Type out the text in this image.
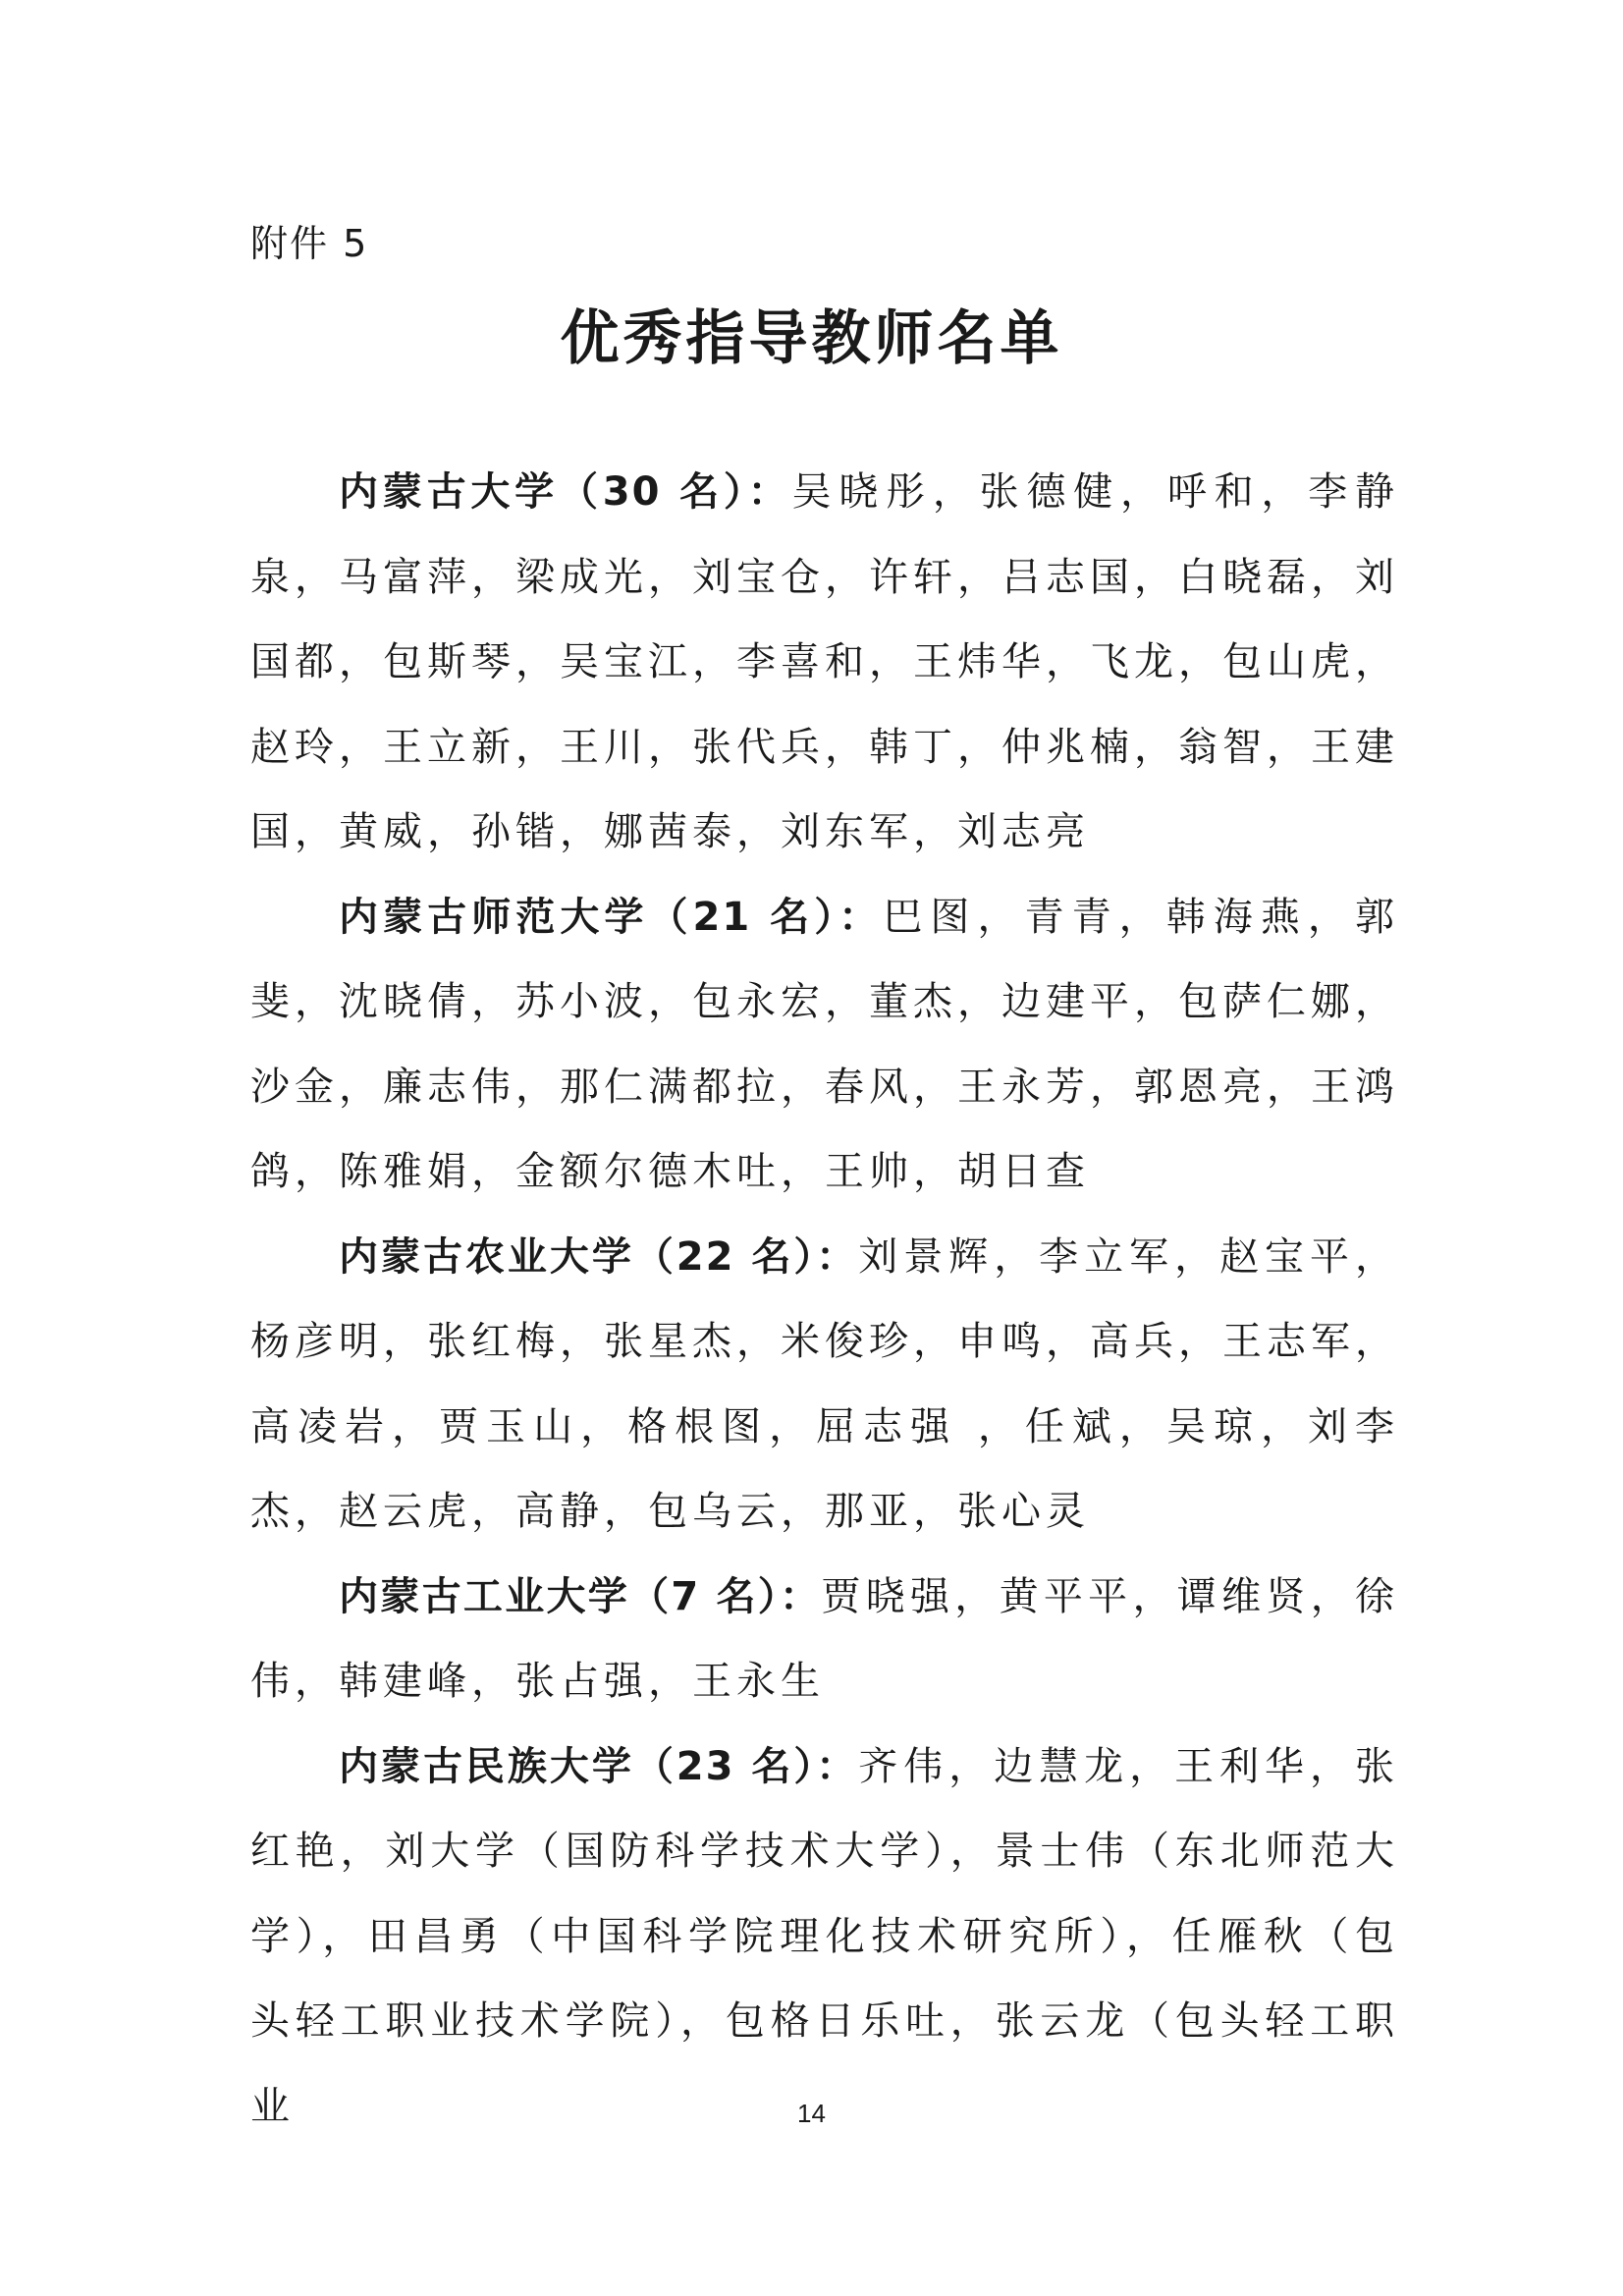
附件 5
优秀指导教师名单

内蒙古大学（30 名）：吴晓彤，张德健，呼和，李静泉，马富萍，梁成光，刘宝仓，许轩，吕志国，白晓磊，刘国都，包斯琴，吴宝江，李喜和，王炜华，飞龙，包山虎，赵玲，王立新，王川，张代兵，韩丁，仲兆楠，翁智，王建国，黄威，孙锴，娜茜泰，刘东军，刘志亮

内蒙古师范大学（21 名）：巴图，青青，韩海燕，郭斐，沈晓倩，苏小波，包永宏，董杰，边建平，包萨仁娜，沙金，廉志伟，那仁满都拉，春风，王永芳，郭恩亮，王鸿鸽，陈雅娟，金额尔德木吐，王帅，胡日查

内蒙古农业大学（22 名）：刘景辉，李立军，赵宝平，杨彦明，张红梅，张星杰，米俊珍，申鸣，高兵，王志军，高凌岩，贾玉山，格根图，屈志强 ，任斌，吴琼，刘李杰，赵云虎，高静，包乌云，那亚，张心灵

内蒙古工业大学（7 名）：贾晓强，黄平平，谭维贤，徐伟，韩建峰，张占强，王永生

内蒙古民族大学（23 名）：齐伟，边慧龙，王利华，张红艳，刘大学（国防科学技术大学），景士伟（东北师范大学），田昌勇（中国科学院理化技术研究所），任雁秋（包头轻工职业技术学院），包格日乐吐，张云龙（包头轻工职业	14
